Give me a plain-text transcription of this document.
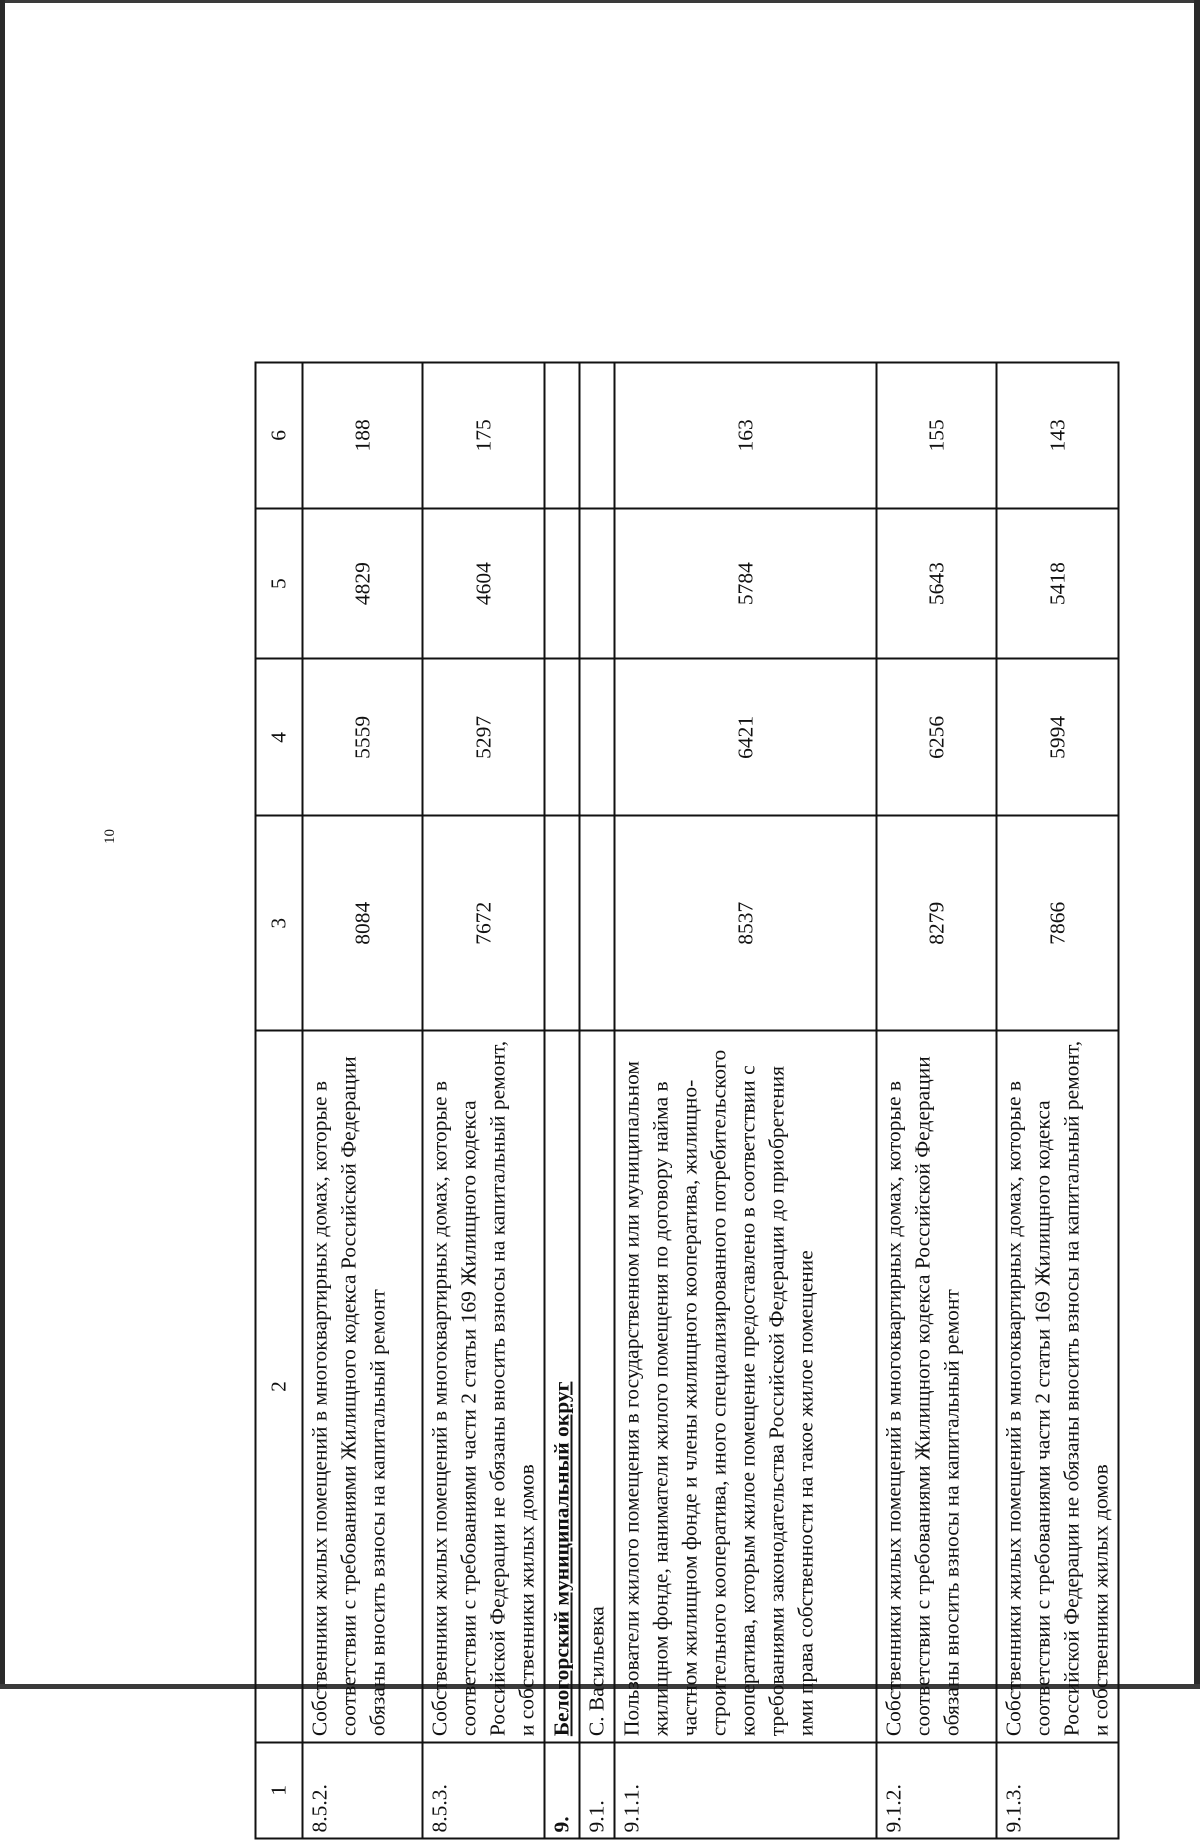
10
1	2	3	4	5	6
8.5.2.	Собственники жилых помещений в многоквартирных домах, которые в соответствии с требованиями Жилищного кодекса Российской Федерации обязаны вносить взносы на капитальный ремонт	8084	5559	4829	188
8.5.3.	Собственники жилых помещений в многоквартирных домах, которые в соответствии с требованиями части 2 статьи 169 Жилищного кодекса Российской Федерации не обязаны вносить взносы на капитальный ремонт, и собственники жилых домов	7672	5297	4604	175
9.	Белогорский муниципальный округ				
9.1.	С. Васильевка				
9.1.1.	Пользователи жилого помещения в государственном или муниципальном жилищном фонде, наниматели жилого помещения по договору найма в частном жилищном фонде и члены жилищного кооператива, жилищно-строительного кооператива, иного специализированного потребительского кооператива, которым жилое помещение предоставлено в соответствии с требованиями законодательства Российской Федерации до приобретения ими права собственности на такое жилое помещение	8537	6421	5784	163
9.1.2.	Собственники жилых помещений в многоквартирных домах, которые в соответствии с требованиями Жилищного кодекса Российской Федерации обязаны вносить взносы на капитальный ремонт	8279	6256	5643	155
9.1.3.	Собственники жилых помещений в многоквартирных домах, которые в соответствии с требованиями части 2 статьи 169 Жилищного кодекса Российской Федерации не обязаны вносить взносы на капитальный ремонт, и собственники жилых домов	7866	5994	5418	143
